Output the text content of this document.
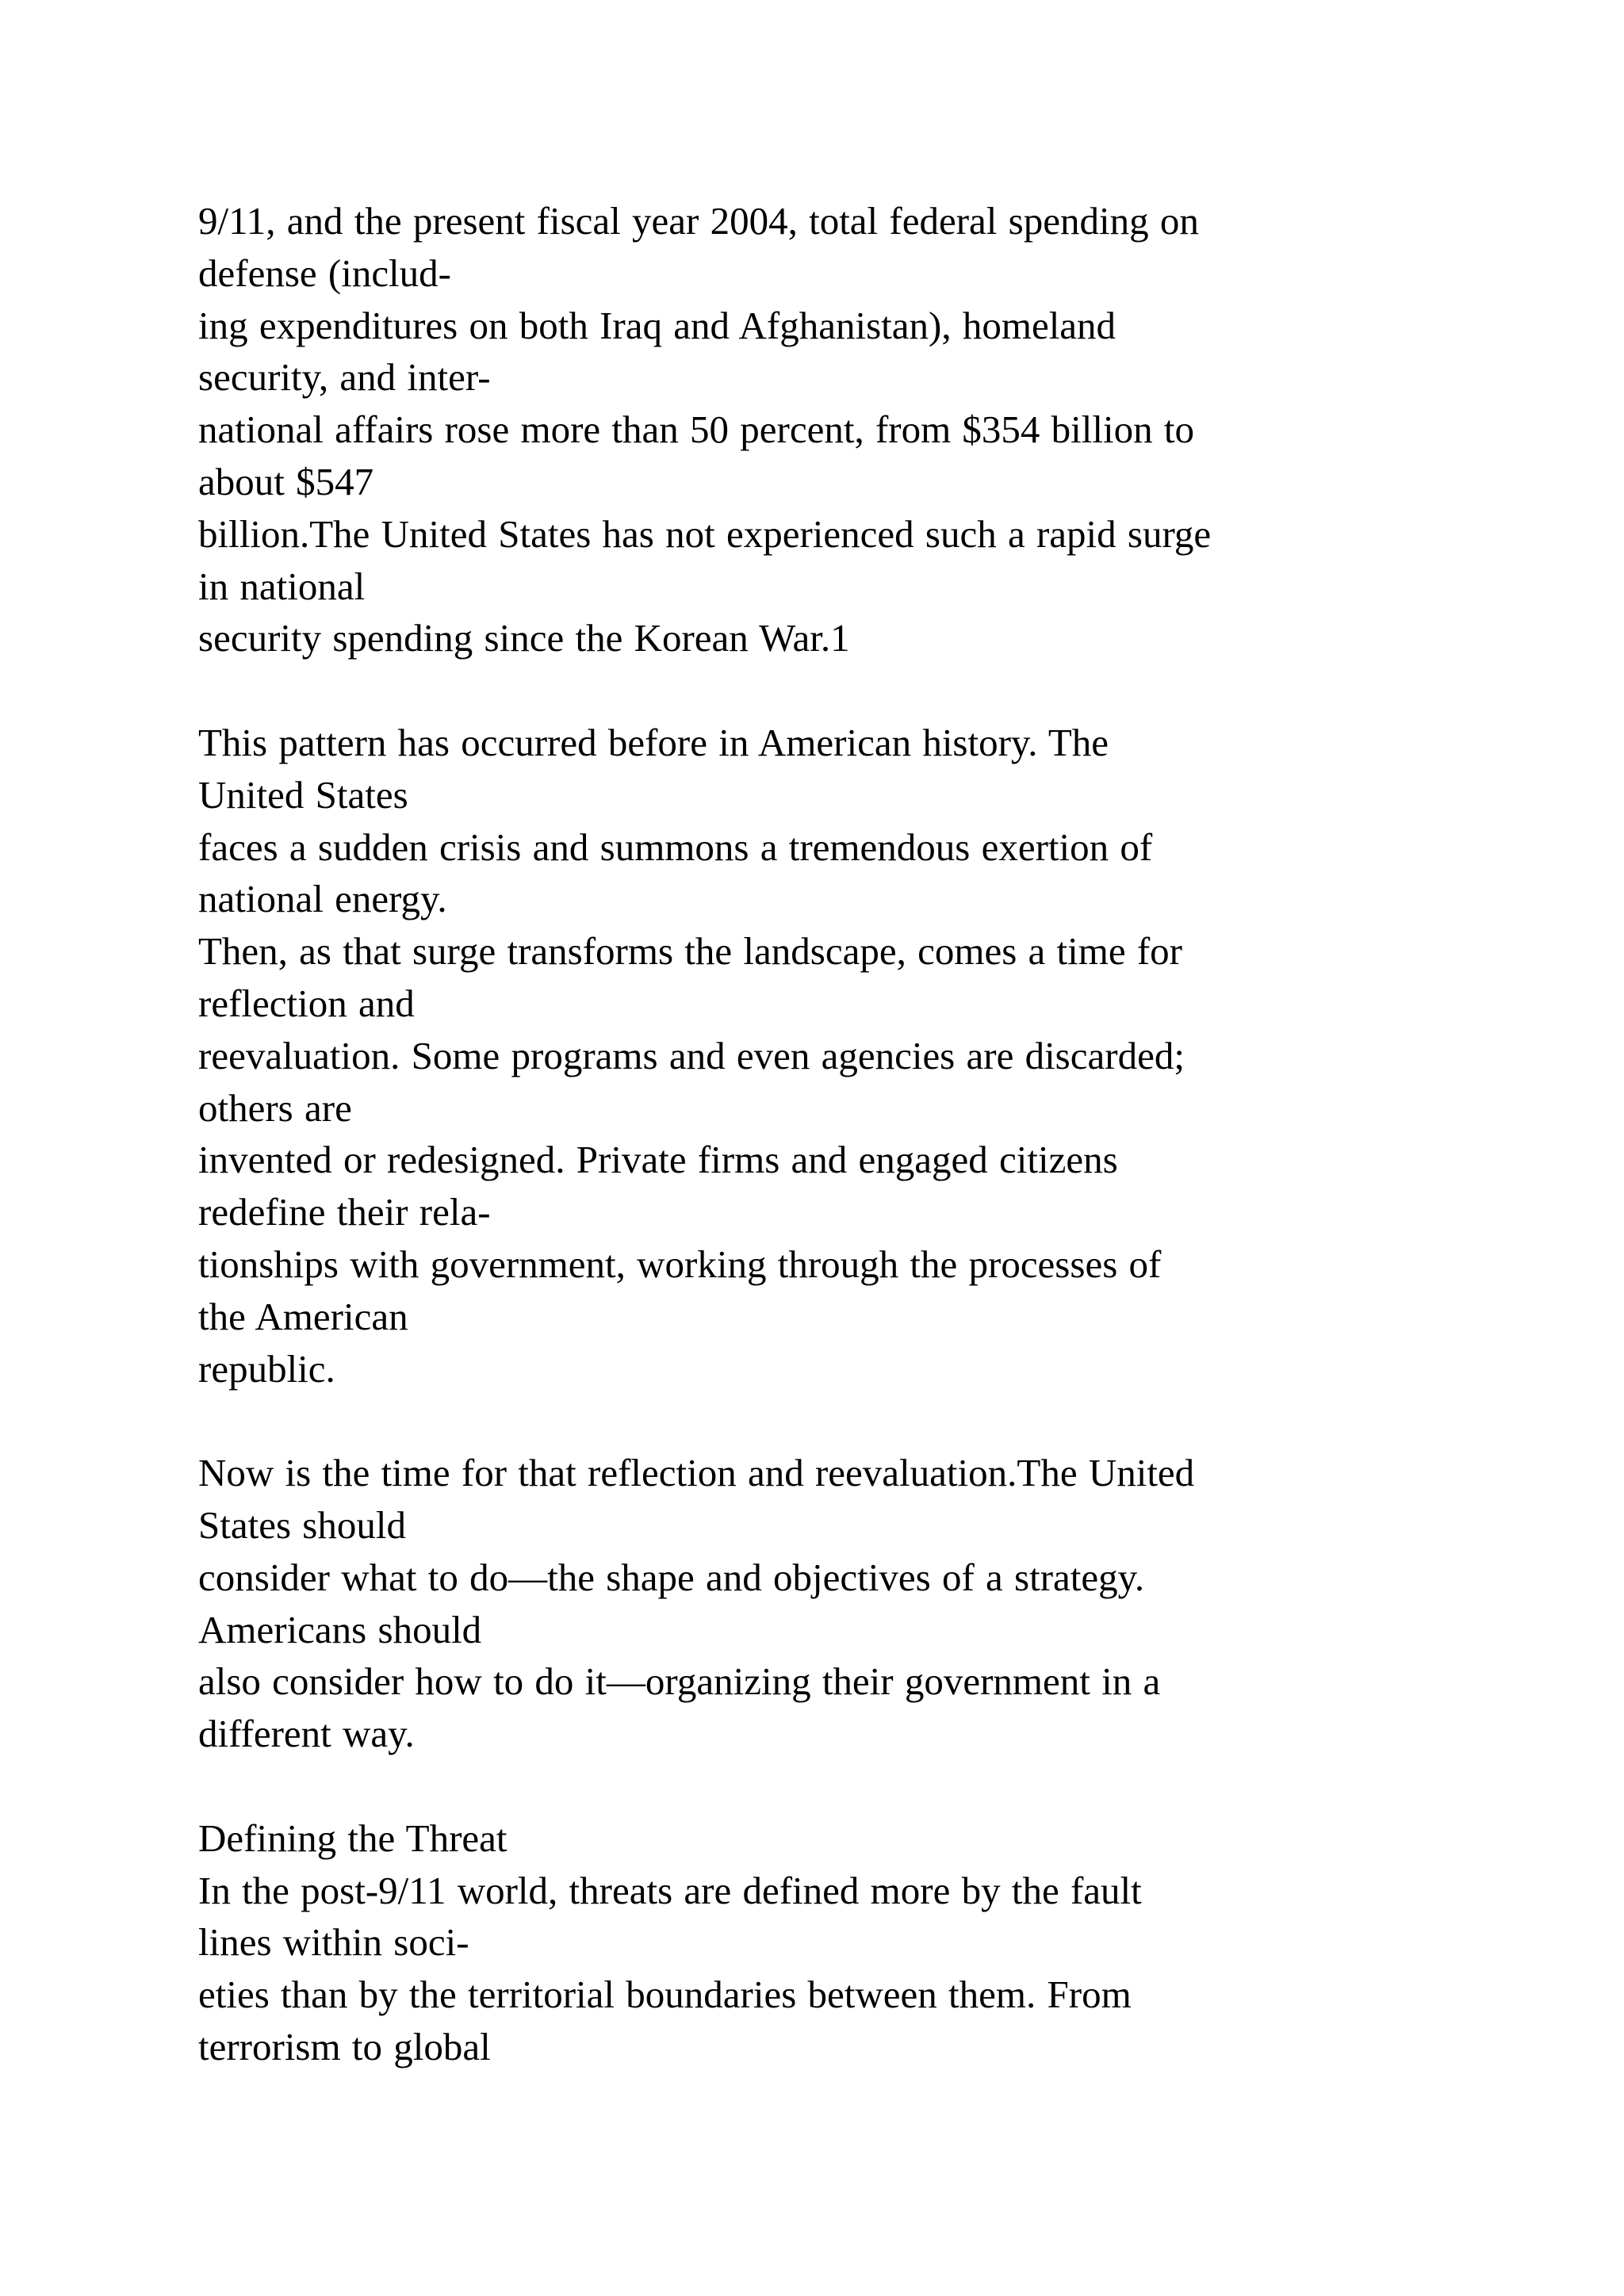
9/11, and the present fiscal year 2004, total federal spending on
defense (includ-
ing expenditures on both Iraq and Afghanistan), homeland
security, and inter-
national affairs rose more than 50 percent, from $354 billion to
about $547
billion.The United States has not experienced such a rapid surge
in national
security spending since the Korean War.1
This pattern has occurred before in American history. The
United States
faces a sudden crisis and summons a tremendous exertion of
national energy.
Then, as that surge transforms the landscape, comes a time for
reflection and
reevaluation. Some programs and even agencies are discarded;
others are
invented or redesigned. Private firms and engaged citizens
redefine their rela-
tionships with government, working through the processes of
the American
republic.
Now is the time for that reflection and reevaluation.The United
States should
consider what to do—the shape and objectives of a strategy.
Americans should
also consider how to do it—organizing their government in a
different way.
Defining the Threat
In the post-9/11 world, threats are defined more by the fault
lines within soci-
eties than by the territorial boundaries between them. From
terrorism to global
